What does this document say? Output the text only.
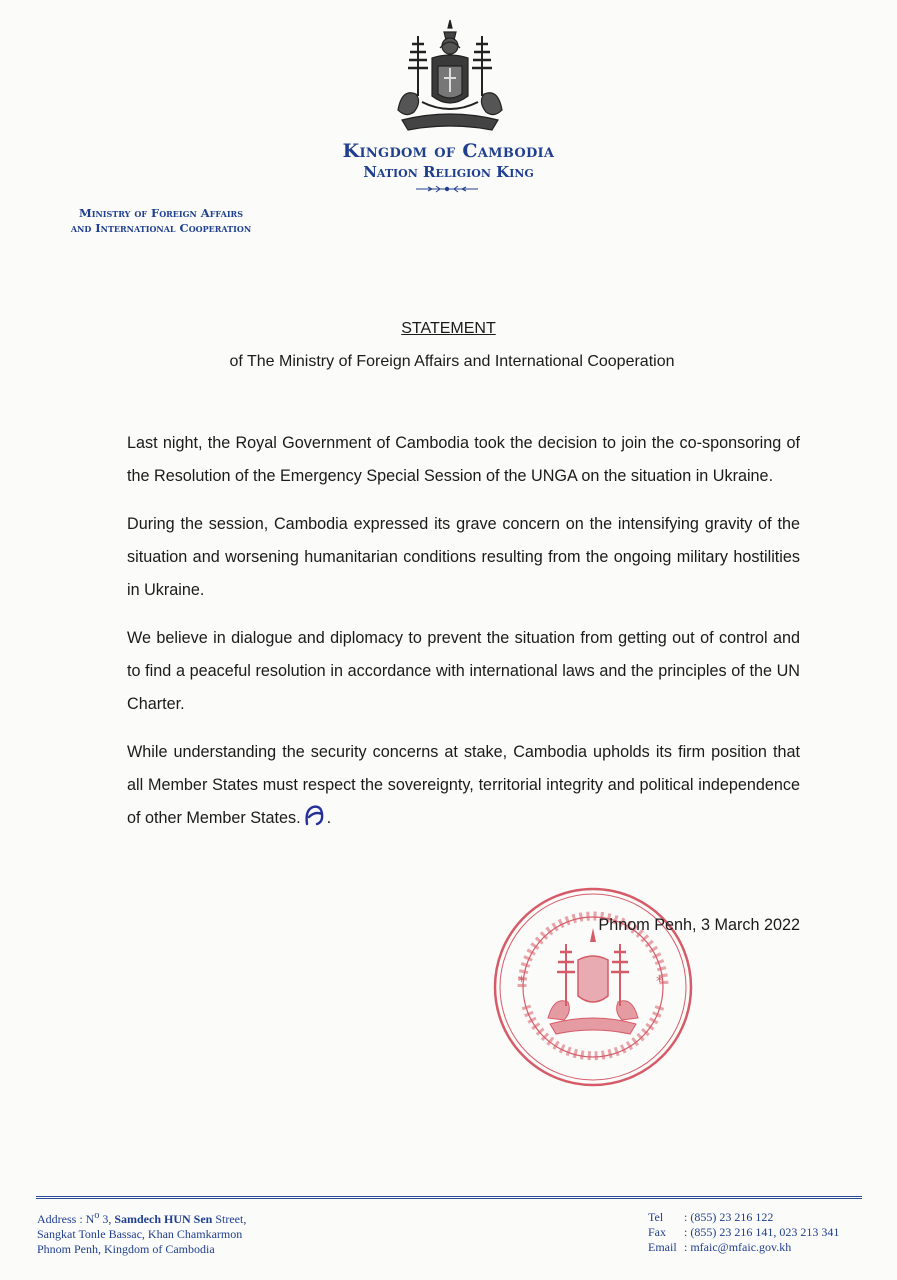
Kingdom of Cambodia
Nation Religion King
Ministry of Foreign Affairs
and International Cooperation
STATEMENT
of The Ministry of Foreign Affairs and International Cooperation

Last night, the Royal Government of Cambodia took the decision to join the co-sponsoring of the Resolution of the Emergency Special Session of the UNGA on the situation in Ukraine.

During the session, Cambodia expressed its grave concern on the intensifying gravity of the situation and worsening humanitarian conditions resulting from the ongoing military hostilities in Ukraine.

We believe in dialogue and diplomacy to prevent the situation from getting out of control and to find a peaceful resolution in accordance with international laws and the principles of the UN Charter.

While understanding the security concerns at stake, Cambodia upholds its firm position that all Member States must respect the sovereignty, territorial integrity and political independence of other Member States. .

*	*
Phnom Penh, 3 March 2022
Address : $N^o$ 3, Samdech HUN Sen Street,
Sangkat Tonle Bassac, Khan Chamkarmon
Phnom Penh, Kingdom of Cambodia
Tel	: (855) 23 216 122
Fax	: (855) 23 216 141, 023 213 341
Email : mfaic@mfaic.gov.kh
